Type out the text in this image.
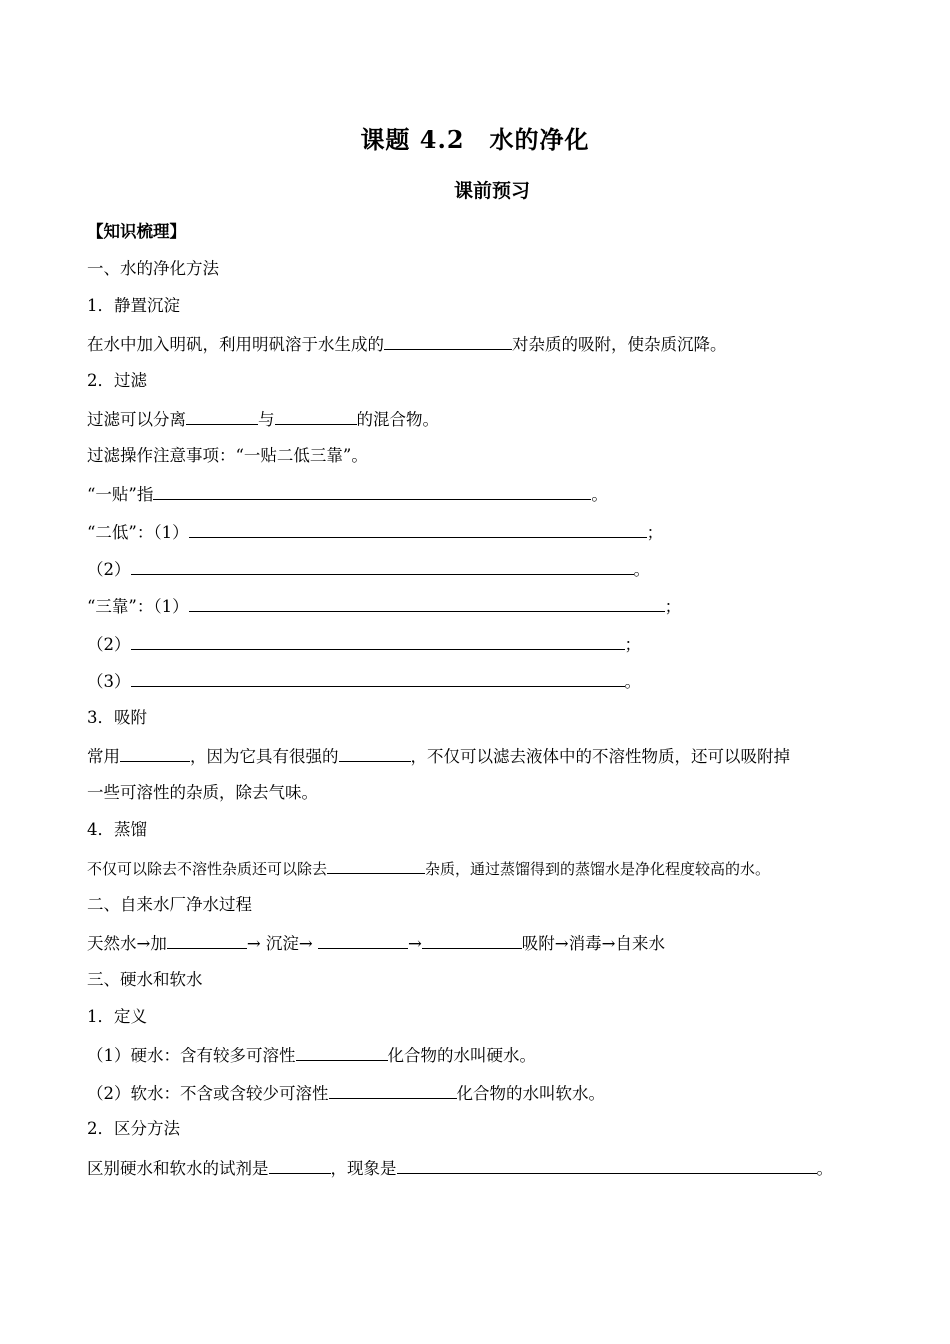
课题 4.2　水的净化
课前预习
【知识梳理】
一、水的净化方法
1．静置沉淀
在水中加入明矾，利用明矾溶于水生成的	对杂质的吸附，使杂质沉降。
2．过滤
过滤可以分离	与	的混合物。
过滤操作注意事项：“一贴二低三靠”。
“一贴”指	。
“二低”：（1）	；
（2）	。
“三靠”：（1）	；
（2）	；
（3）	。
3．吸附
常用	，因为它具有很强的	，不仅可以滤去液体中的不溶性物质，还可以吸附掉
一些可溶性的杂质，除去气味。
4．蒸馏
不仅可以除去不溶性杂质还可以除去	杂质，通过蒸馏得到的蒸馏水是净化程度较高的水。
二、自来水厂净水过程
天然水→加	→ 沉淀→	→	吸附→消毒→自来水
三、硬水和软水
1．定义
（1）硬水：含有较多可溶性	化合物的水叫硬水。
（2）软水：不含或含较少可溶性	化合物的水叫软水。
2．区分方法
区别硬水和软水的试剂是	，现象是	。
